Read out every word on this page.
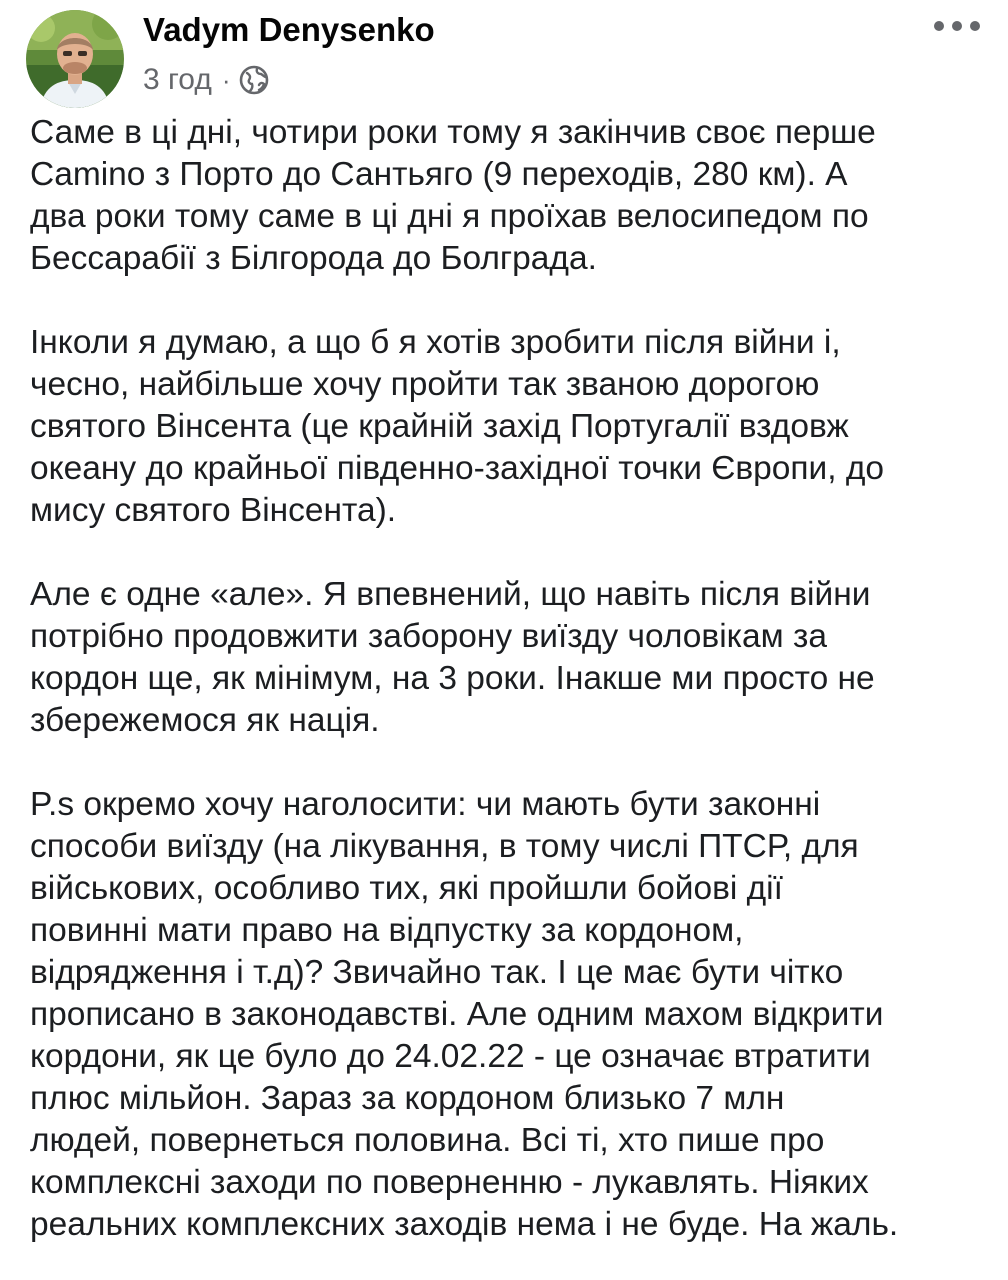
Vadym Denysenko
3 год ·

Саме в ці дні, чотири роки тому я закінчив своє перше
Camino з Порто до Сантьяго (9 переходів, 280 км). А
два роки тому саме в ці дні я проїхав велосипедом по
Бессарабії з Білгорода до Болграда.

Інколи я думаю, а що б я хотів зробити після війни і,
чесно, найбільше хочу пройти так званою дорогою
святого Вінсента (це крайній захід Португалії вздовж
океану до крайньої південно-західної точки Європи, до
мису святого Вінсента).

Але є одне «але». Я впевнений, що навіть після війни
потрібно продовжити заборону виїзду чоловікам за
кордон ще, як мінімум, на 3 роки. Інакше ми просто не
збережемося як нація.

P.s окремо хочу наголосити: чи мають бути законні
способи виїзду (на лікування, в тому числі ПТСР, для
військових, особливо тих, які пройшли бойові дії
повинні мати право на відпустку за кордоном,
відрядження і т.д)? Звичайно так. І це має бути чітко
прописано в законодавстві. Але одним махом відкрити
кордони, як це було до 24.02.22 - це означає втратити
плюс мільйон. Зараз за кордоном близько 7 млн
людей, повернеться половина. Всі ті, хто пише про
комплексні заходи по поверненню - лукавлять. Ніяких
реальних комплексних заходів нема і не буде. На жаль.
